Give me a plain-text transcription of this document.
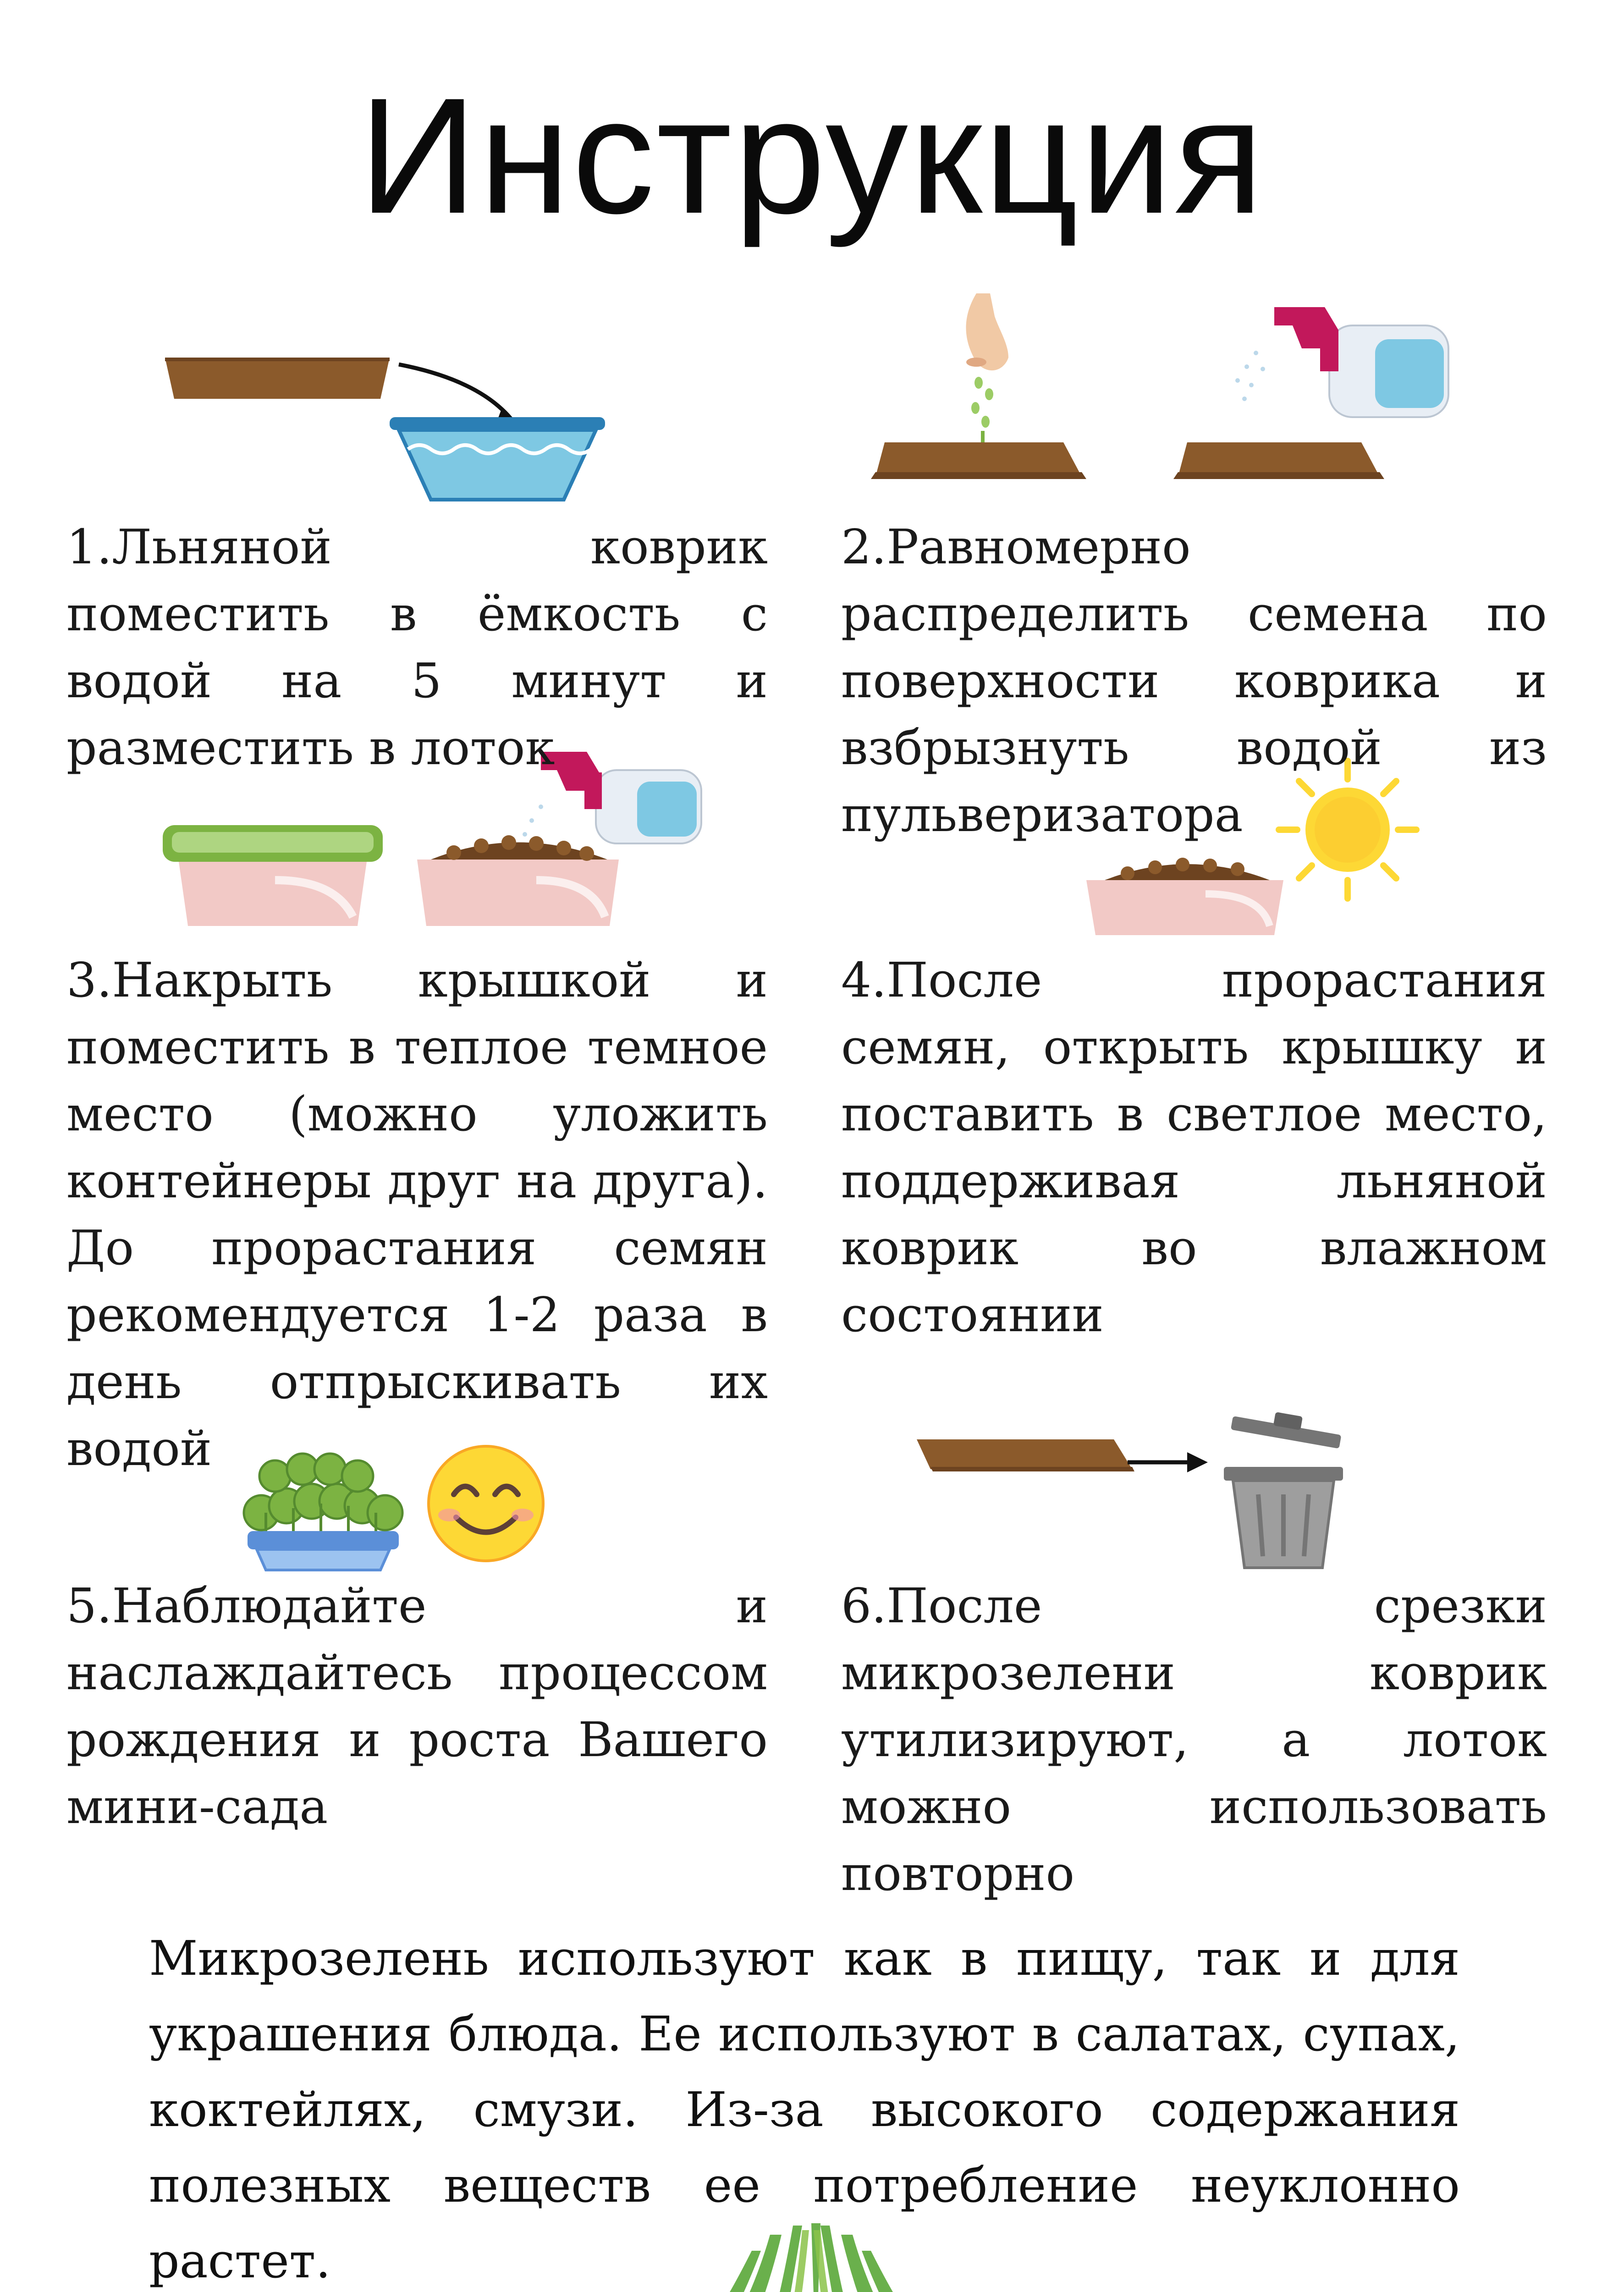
Инструкция
1.Льняной коврик поместить в ёмкость с водой на 5 минут и разместить в лоток
2.Равномерно распределить семена по поверхности коврика и взбрызнуть водой из пульверизатора
3.Накрыть крышкой и поместить в теплое темное место (можно уложить контейнеры друг на друга). До прорастания семян рекомендуется 1-2 раза в день отпрыскивать их водой
4.После прорастания семян, открыть крышку и поставить в светлое место, поддерживая льняной коврик во влажном состоянии
5.Наблюдайте и наслаждайтесь процессом рождения и роста Вашего мини-сада
6.После срезки микрозелени коврик утилизируют, а лоток можно использовать повторно
Микрозелень используют как в пищу, так и для украшения блюда. Ее используют в салатах, супах, коктейлях, смузи. Из-за высокого содержания полезных веществ ее потребление неуклонно растет.
